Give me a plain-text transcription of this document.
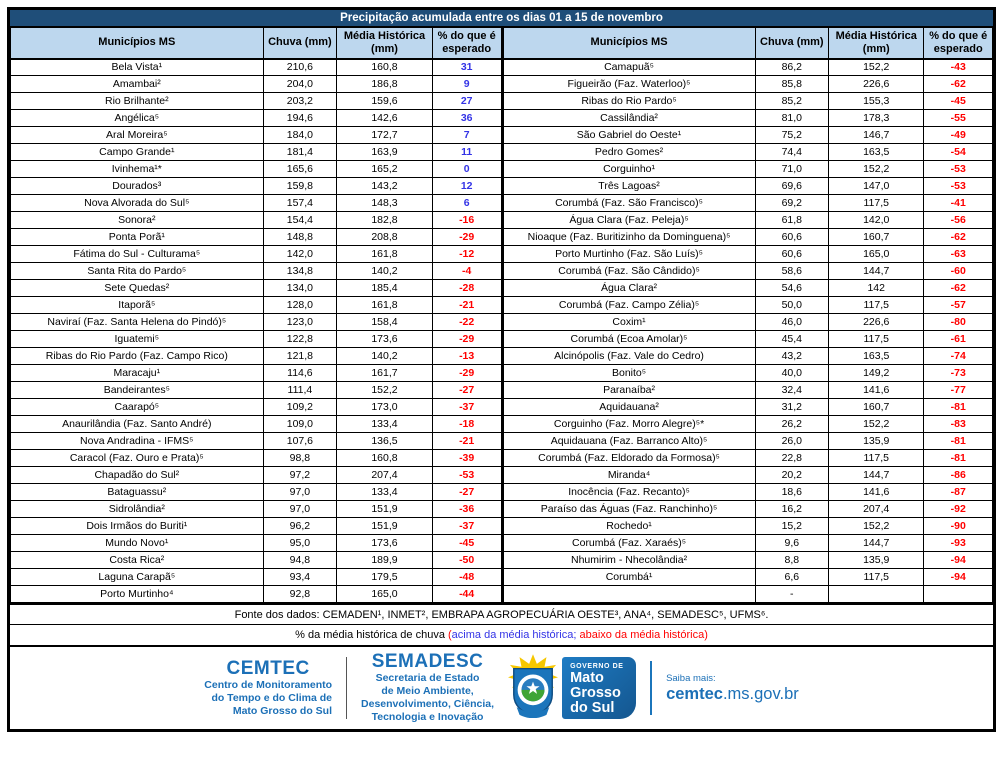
Precipitação acumulada entre os dias 01 a 15 de novembro
Municípios MS	Chuva (mm)	Média Histórica (mm)	% do que é esperado
Bela Vista¹	210,6	160,8	31
Amambai²	204,0	186,8	9
Rio Brilhante²	203,2	159,6	27
Angélica⁵	194,6	142,6	36
Aral Moreira⁵	184,0	172,7	7
Campo Grande¹	181,4	163,9	11
Ivinhema¹*	165,6	165,2	0
Dourados³	159,8	143,2	12
Nova Alvorada do Sul⁵	157,4	148,3	6
Sonora²	154,4	182,8	-16
Ponta Porã¹	148,8	208,8	-29
Fátima do Sul - Culturama⁵	142,0	161,8	-12
Santa Rita do Pardo⁵	134,8	140,2	-4
Sete Quedas²	134,0	185,4	-28
Itaporã⁵	128,0	161,8	-21
Naviraí (Faz. Santa Helena do Pindó)⁵	123,0	158,4	-22
Iguatemi⁵	122,8	173,6	-29
Ribas do Rio Pardo (Faz. Campo Rico)	121,8	140,2	-13
Maracaju¹	114,6	161,7	-29
Bandeirantes⁵	111,4	152,2	-27
Caarapó⁵	109,2	173,0	-37
Anaurilândia (Faz. Santo André)	109,0	133,4	-18
Nova Andradina - IFMS⁵	107,6	136,5	-21
Caracol (Faz. Ouro e Prata)⁵	98,8	160,8	-39
Chapadão do Sul²	97,2	207,4	-53
Bataguassu²	97,0	133,4	-27
Sidrolândia²	97,0	151,9	-36
Dois Irmãos do Buriti¹	96,2	151,9	-37
Mundo Novo¹	95,0	173,6	-45
Costa Rica²	94,8	189,9	-50
Laguna Carapã⁵	93,4	179,5	-48
Porto Murtinho⁴	92,8	165,0	-44
Municípios MS	Chuva (mm)	Média Histórica (mm)	% do que é esperado
Camapuã⁵	86,2	152,2	-43
Figueirão (Faz. Waterloo)⁵	85,8	226,6	-62
Ribas do Rio Pardo⁵	85,2	155,3	-45
Cassilândia²	81,0	178,3	-55
São Gabriel do Oeste¹	75,2	146,7	-49
Pedro Gomes²	74,4	163,5	-54
Corguinho¹	71,0	152,2	-53
Três Lagoas²	69,6	147,0	-53
Corumbá (Faz. São Francisco)⁵	69,2	117,5	-41
Água Clara (Faz. Peleja)⁵	61,8	142,0	-56
Nioaque (Faz. Buritizinho da Dominguena)⁵	60,6	160,7	-62
Porto Murtinho (Faz. São Luís)⁵	60,6	165,0	-63
Corumbá (Faz. São Cândido)⁵	58,6	144,7	-60
Água Clara²	54,6	142	-62
Corumbá (Faz. Campo Zélia)⁵	50,0	117,5	-57
Coxim¹	46,0	226,6	-80
Corumbá (Ecoa Amolar)⁵	45,4	117,5	-61
Alcinópolis (Faz. Vale do Cedro)	43,2	163,5	-74
Bonito⁵	40,0	149,2	-73
Paranaíba²	32,4	141,6	-77
Aquidauana²	31,2	160,7	-81
Corguinho (Faz. Morro Alegre)⁵*	26,2	152,2	-83
Aquidauana (Faz. Barranco Alto)⁵	26,0	135,9	-81
Corumbá (Faz. Eldorado da Formosa)⁵	22,8	117,5	-81
Miranda⁴	20,2	144,7	-86
Inocência (Faz. Recanto)⁵	18,6	141,6	-87
Paraíso das Águas (Faz. Ranchinho)⁵	16,2	207,4	-92
Rochedo¹	15,2	152,2	-90
Corumbá (Faz. Xaraés)⁵	9,6	144,7	-93
Nhumirim - Nhecolândia²	8,8	135,9	-94
Corumbá¹	6,6	117,5	-94
	-		
Fonte dos dados: CEMADEN¹, INMET², EMBRAPA AGROPECUÁRIA OESTE³, ANA⁴, SEMADESC⁵, UFMS⁶.
% da média histórica de chuva (acima da média histórica; abaixo da média histórica)
CEMTEC
Centro de Monitoramento
do Tempo e do Clima de
Mato Grosso do Sul
SEMADESC
Secretaria de Estado
de Meio Ambiente,
Desenvolvimento, Ciência,
Tecnologia e Inovação
GOVERNO DE
Mato
Grosso
do Sul
Saiba mais:
cemtec.ms.gov.br
